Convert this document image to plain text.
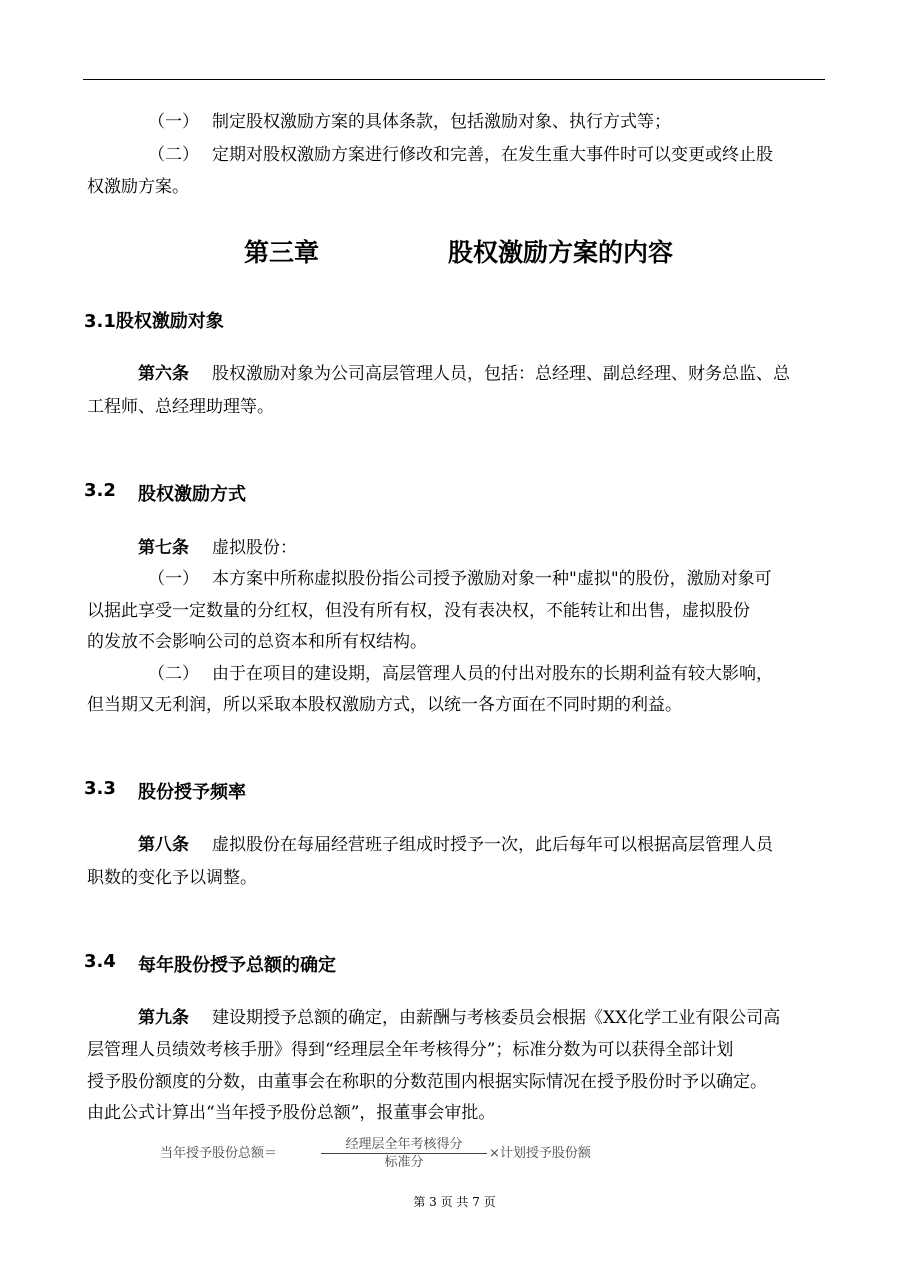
（一） 制定股权激励方案的具体条款，包括激励对象、执行方式等；
（二） 定期对股权激励方案进行修改和完善，在发生重大事件时可以变更或终止股
权激励方案。
第三章	股权激励方案的内容
3.1股权激励对象
第六条 股权激励对象为公司高层管理人员，包括：总经理、副总经理、财务总监、总
工程师、总经理助理等。
3.2 股权激励方式
第七条 虚拟股份：
（一） 本方案中所称虚拟股份指公司授予激励对象一种"虚拟"的股份，激励对象可
以据此享受一定数量的分红权，但没有所有权，没有表决权，不能转让和出售，虚拟股份
的发放不会影响公司的总资本和所有权结构。
（二） 由于在项目的建设期，高层管理人员的付出对股东的长期利益有较大影响，
但当期又无利润，所以采取本股权激励方式，以统一各方面在不同时期的利益。
3.3 股份授予频率
第八条 虚拟股份在每届经营班子组成时授予一次，此后每年可以根据高层管理人员
职数的变化予以调整。
3.4 每年股份授予总额的确定
第九条 建设期授予总额的确定，由薪酬与考核委员会根据《XX化学工业有限公司高
层管理人员绩效考核手册》得到“经理层全年考核得分”；标准分数为可以获得全部计划
授予股份额度的分数，由董事会在称职的分数范围内根据实际情况在授予股份时予以确定。
由此公式计算出“当年授予股份总额”，报董事会审批。
当年授予股份总额＝
经理层全年考核得分
标准分
×计划授予股份额
第 3 页 共 7 页
